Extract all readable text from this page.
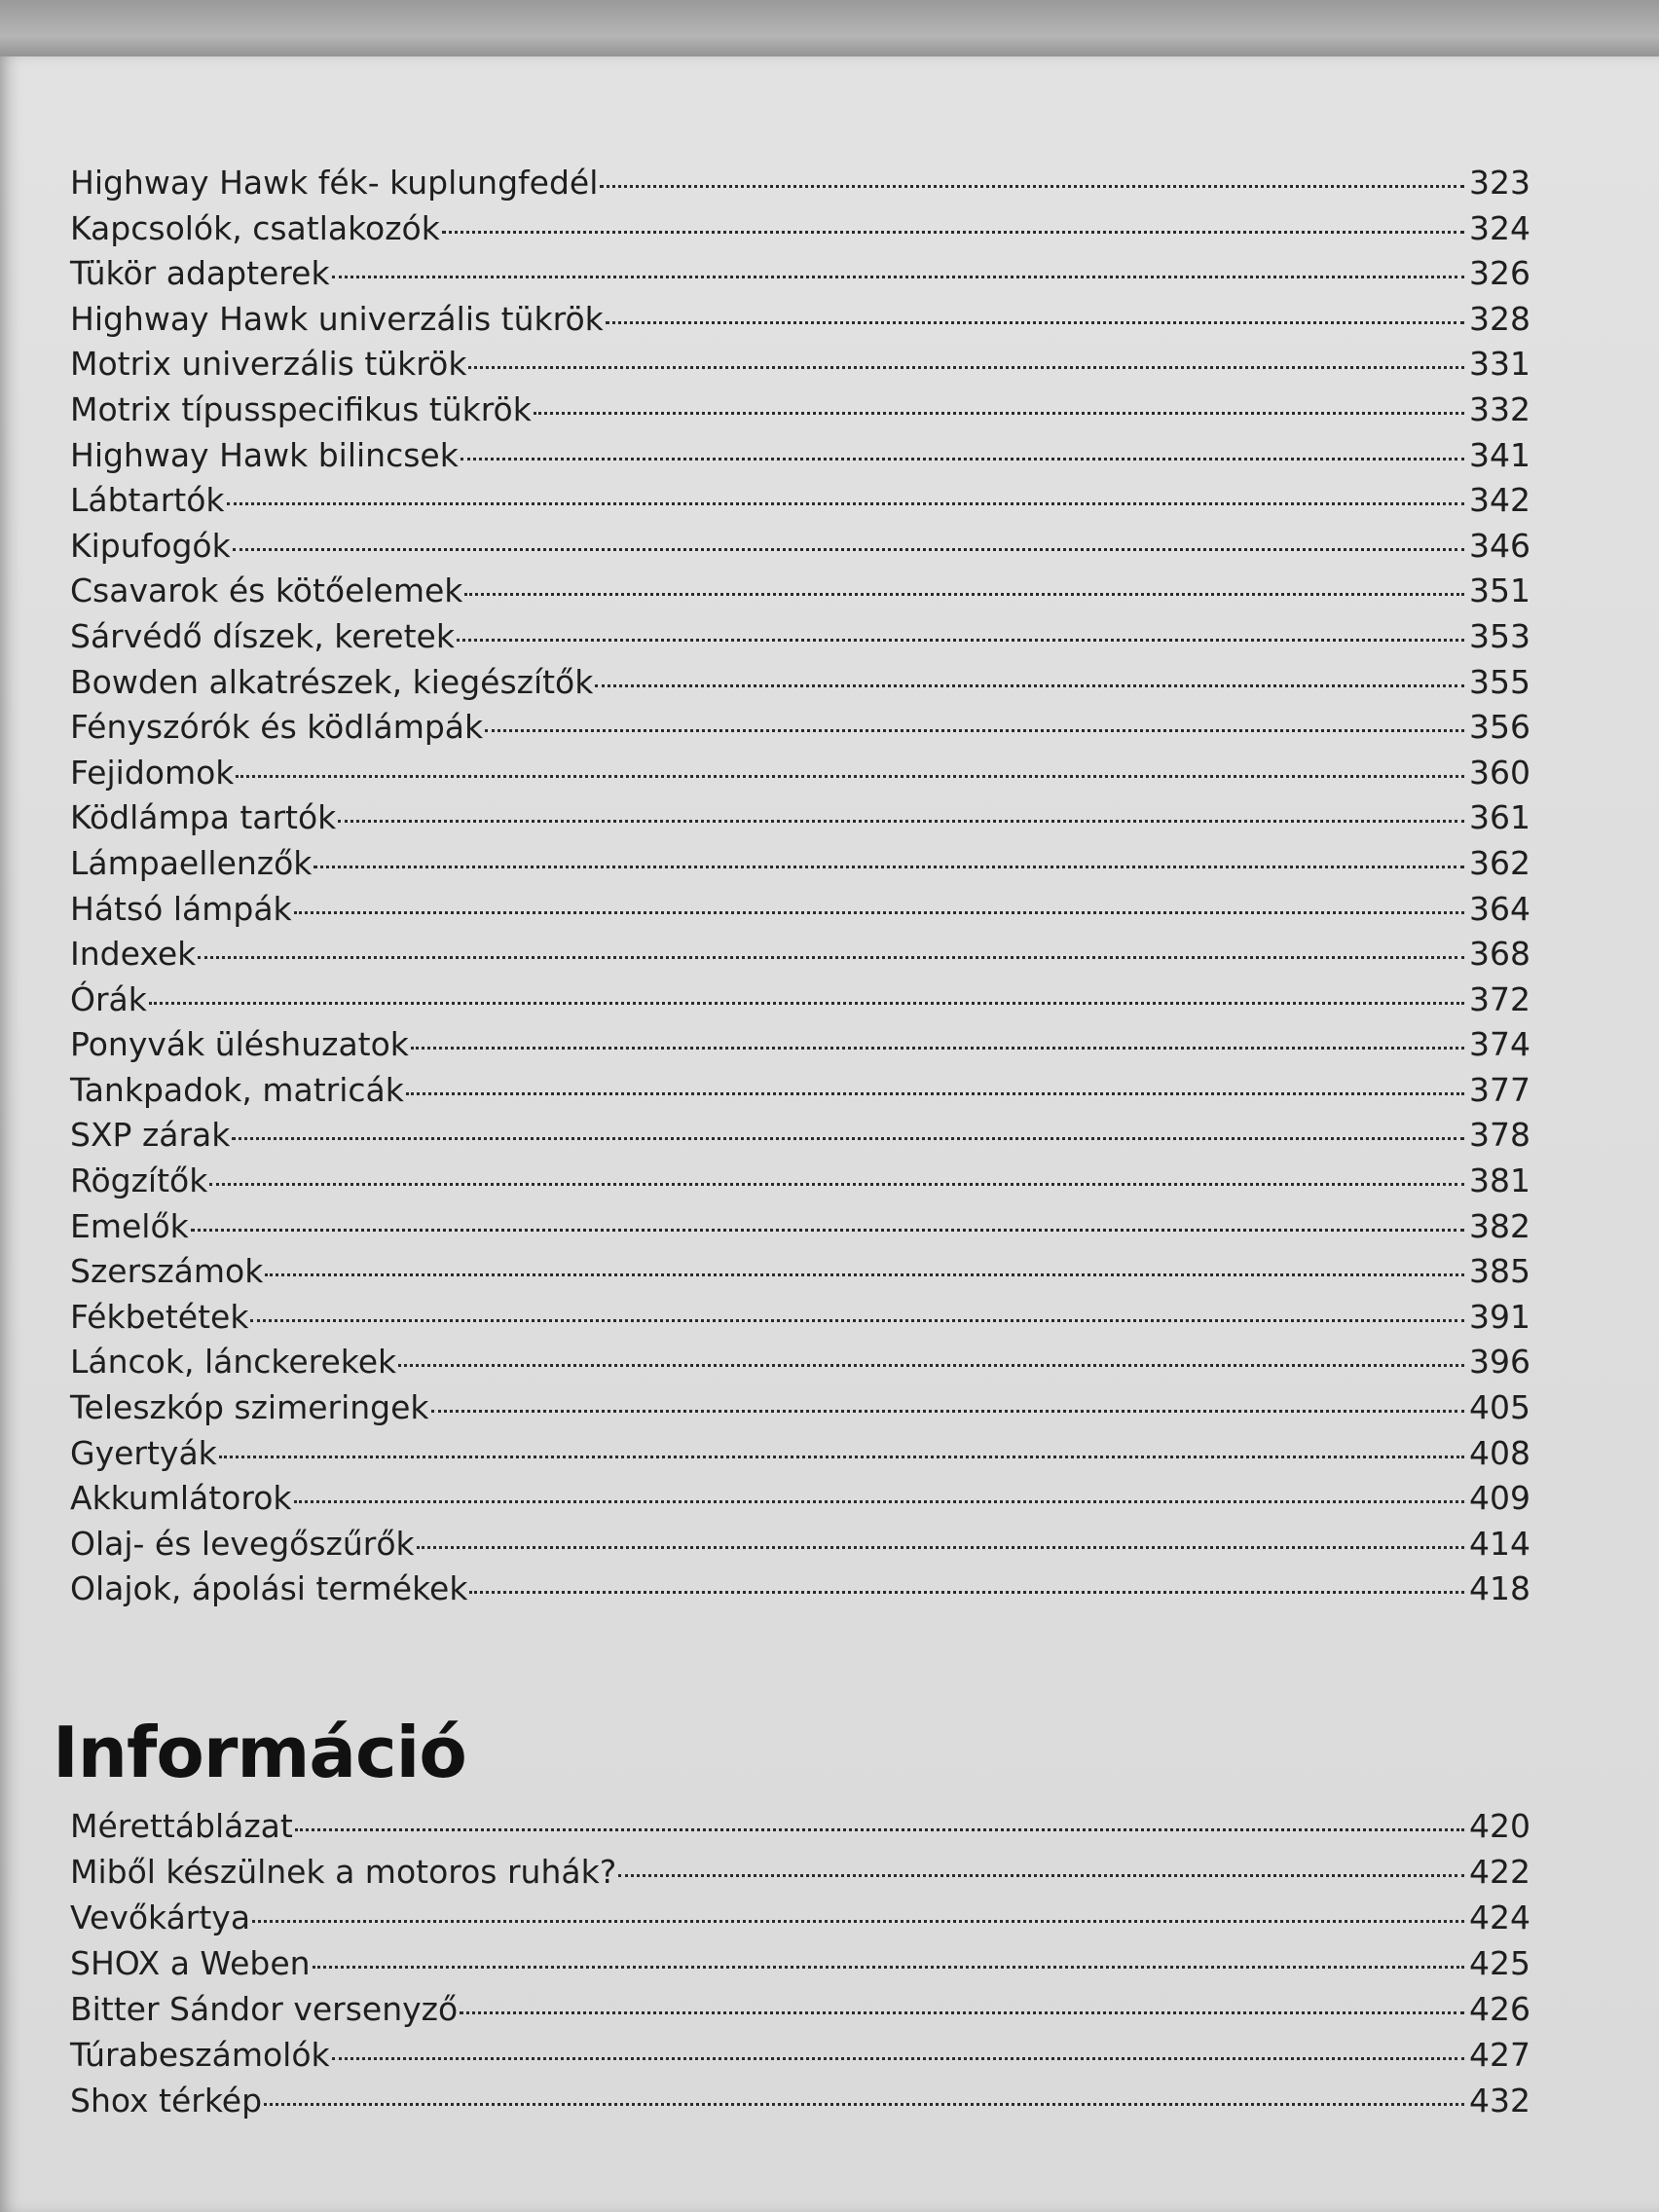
Highway Hawk fék- kuplungfedél	323
Kapcsolók, csatlakozók	324
Tükör adapterek	326
Highway Hawk univerzális tükrök	328
Motrix univerzális tükrök	331
Motrix típusspecifikus tükrök	332
Highway Hawk bilincsek	341
Lábtartók	342
Kipufogók	346
Csavarok és kötőelemek	351
Sárvédő díszek, keretek	353
Bowden alkatrészek, kiegészítők	355
Fényszórók és ködlámpák	356
Fejidomok	360
Ködlámpa tartók	361
Lámpaellenzők	362
Hátsó lámpák	364
Indexek	368
Órák	372
Ponyvák üléshuzatok	374
Tankpadok, matricák	377
SXP zárak	378
Rögzítők	381
Emelők	382
Szerszámok	385
Fékbetétek	391
Láncok, lánckerekek	396
Teleszkóp szimeringek	405
Gyertyák	408
Akkumlátorok	409
Olaj- és levegőszűrők	414
Olajok, ápolási termékek	418
Információ
Mérettáblázat	420
Miből készülnek a motoros ruhák?	422
Vevőkártya	424
SHOX a Weben	425
Bitter Sándor versenyző	426
Túrabeszámolók	427
Shox térkép	432
